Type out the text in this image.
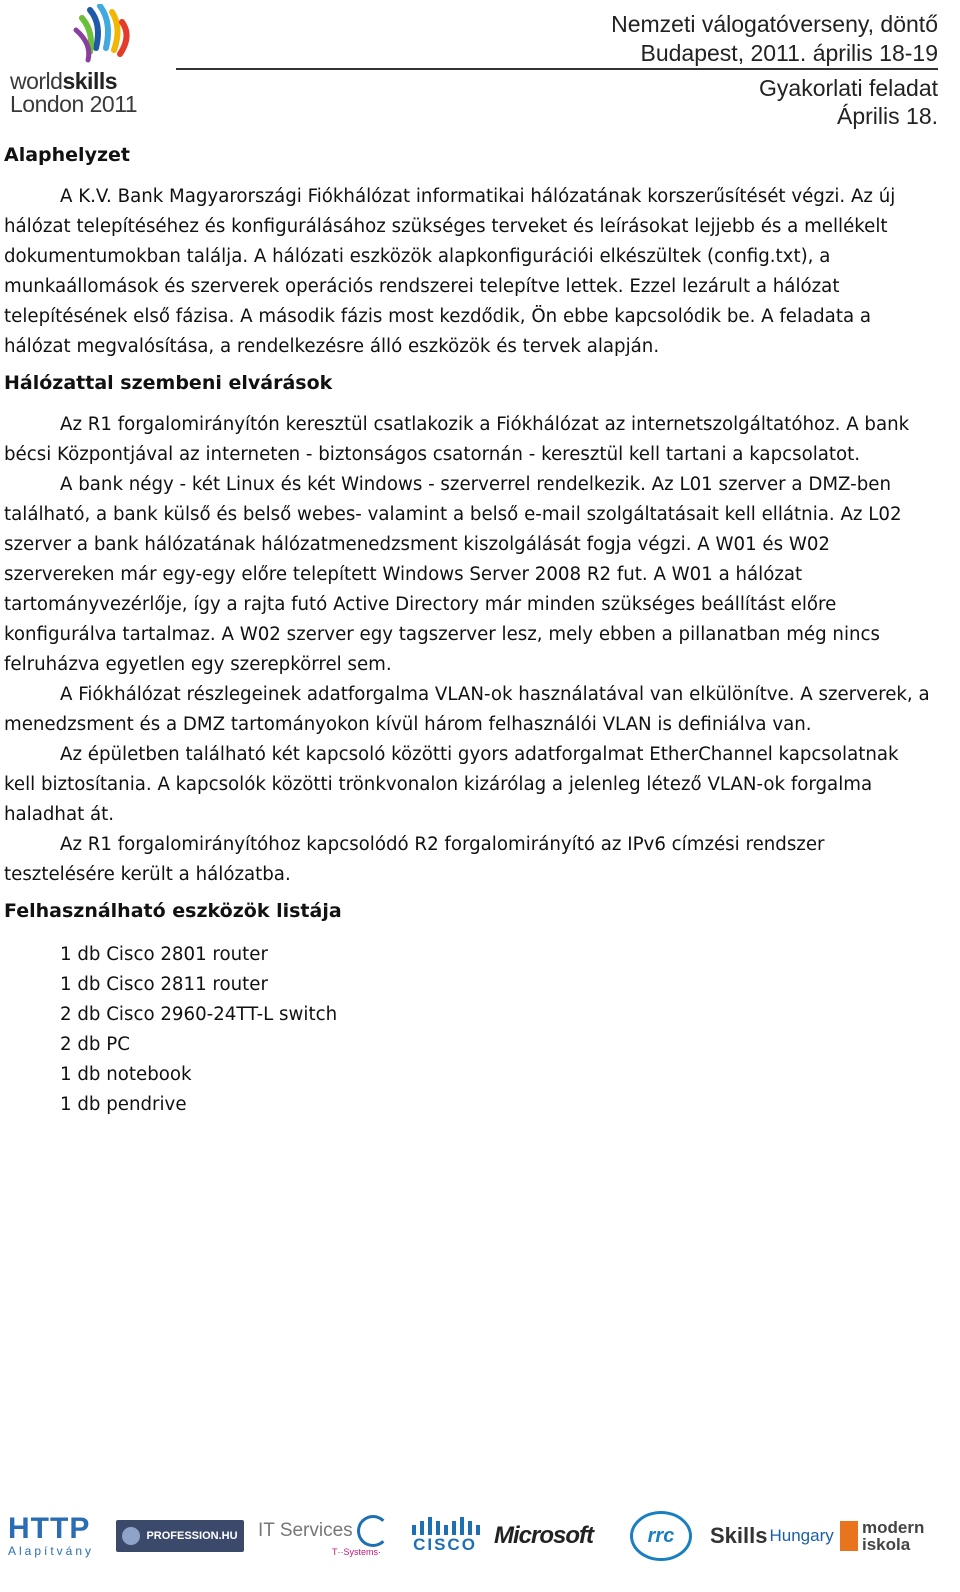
worldskills
London 2011
Nemzeti válogatóverseny, döntő
Budapest, 2011. április 18-19
Gyakorlati feladat
Április 18.
Alaphelyzet

A K.V. Bank Magyarországi Fiókhálózat informatikai hálózatának korszerűsítését végzi. Az új hálózat telepítéséhez és konfigurálásához szükséges terveket és leírásokat lejjebb és a mellékelt dokumentumokban találja. A hálózati eszközök alapkonfigurációi elkészültek (config.txt), a munkaállomások és szerverek operációs rendszerei telepítve lettek. Ezzel lezárult a hálózat telepítésének első fázisa. A második fázis most kezdődik, Ön ebbe kapcsolódik be. A feladata a hálózat megvalósítása, a rendelkezésre álló eszközök és tervek alapján.

Hálózattal szembeni elvárások

Az R1 forgalomirányítón keresztül csatlakozik a Fiókhálózat az internetszolgáltatóhoz. A bank bécsi Központjával az interneten - biztonságos csatornán - keresztül kell tartani a kapcsolatot.

A bank négy - két Linux és két Windows - szerverrel rendelkezik. Az L01 szerver a DMZ-ben található, a bank külső és belső webes- valamint a belső e-mail szolgáltatásait kell ellátnia. Az L02 szerver a bank hálózatának hálózatmenedzsment kiszolgálását fogja végzi. A W01 és W02 szervereken már egy-egy előre telepített Windows Server 2008 R2 fut. A W01 a hálózat tartományvezérlője, így a rajta futó Active Directory már minden szükséges beállítást előre konfigurálva tartalmaz. A W02 szerver egy tagszerver lesz, mely ebben a pillanatban még nincs felruházva egyetlen egy szerepkörrel sem.

A Fiókhálózat részlegeinek adatforgalma VLAN-ok használatával van elkülönítve. A szerverek, a menedzsment és a DMZ tartományokon kívül három felhasználói VLAN is definiálva van.

Az épületben található két kapcsoló közötti gyors adatforgalmat EtherChannel kapcsolatnak kell biztosítania. A kapcsolók közötti trönkvonalon kizárólag a jelenleg létező VLAN-ok forgalma haladhat át.

Az R1 forgalomirányítóhoz kapcsolódó R2 forgalomirányító az IPv6 címzési rendszer tesztelésére került a hálózatba.

Felhasználható eszközök listája
1 db Cisco 2801 router
1 db Cisco 2811 router
2 db Cisco 2960-24TT-L switch
2 db PC
1 db notebook
1 db pendrive
HTTP
Alapítvány
PROFESSION.HU IT Services
T··Systems· CISCO Microsoft	rrc Skills Hungary modern
iskola
